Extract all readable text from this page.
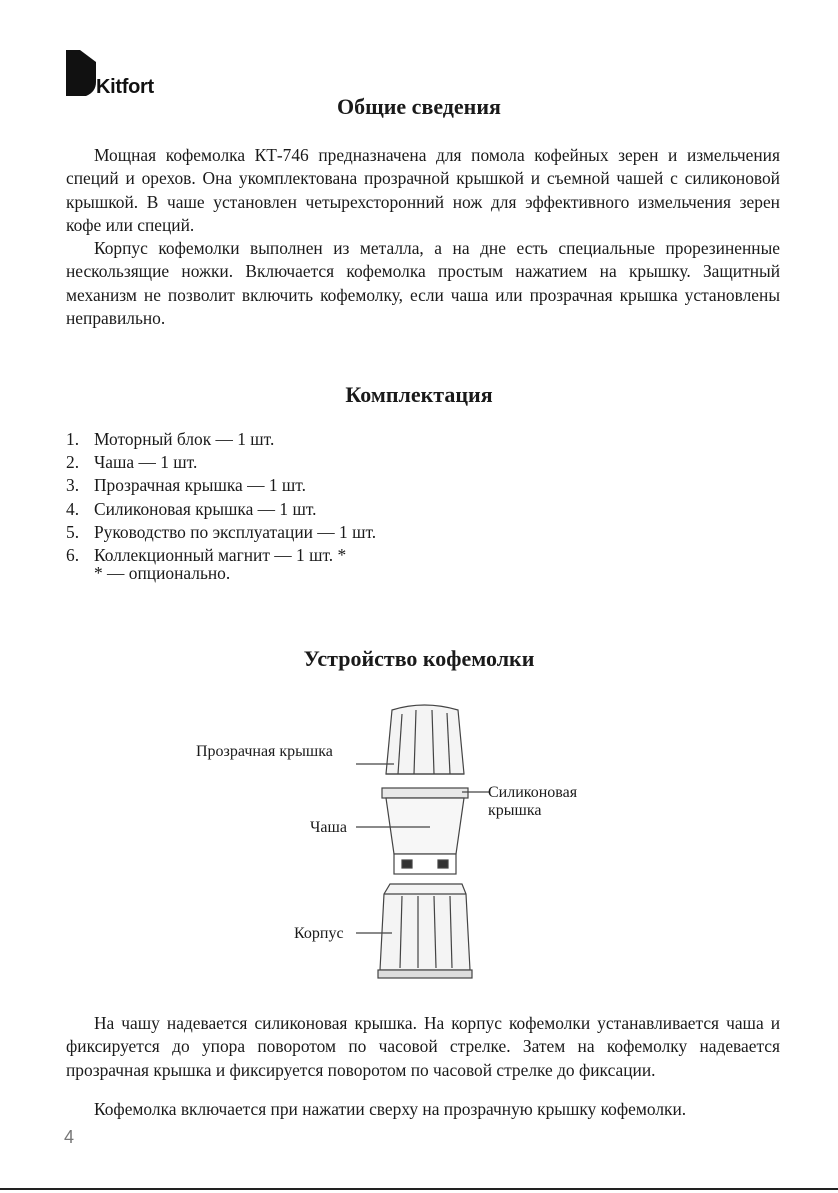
Kitfort
Общие сведения

Мощная кофемолка КТ-746 предназначена для помола кофейных зерен и измельчения специй и орехов. Она укомплектована прозрачной крышкой и съемной чашей с силиконовой крышкой. В чаше установлен четырехсторонний нож для эффективного измельчения зерен кофе или специй.

Корпус кофемолки выполнен из металла, а на дне есть специальные прорезиненные нескользящие ножки. Включается кофемолка простым нажатием на крышку. Защитный механизм не позволит включить кофемолку, если чаша или прозрачная крышка установлены неправильно.

Комплектация
1. Моторный блок — 1 шт.
2. Чаша — 1 шт.
3. Прозрачная крышка — 1 шт.
4. Силиконовая крышка — 1 шт.
5. Руководство по эксплуатации — 1 шт.
6. Коллекционный магнит — 1 шт. *

* — опционально.

Устройство кофемолки

Прозрачная крышка

Силиконовая

крышка

Чаша

Корпус

На чашу надевается силиконовая крышка. На корпус кофемолки устанавливается чаша и фиксируется до упора поворотом по часовой стрелке. Затем на кофемолку надевается прозрачная крышка и фиксируется поворотом по часовой стрелке до фиксации.

Кофемолка включается при нажатии сверху на прозрачную крышку кофемолки.

4
